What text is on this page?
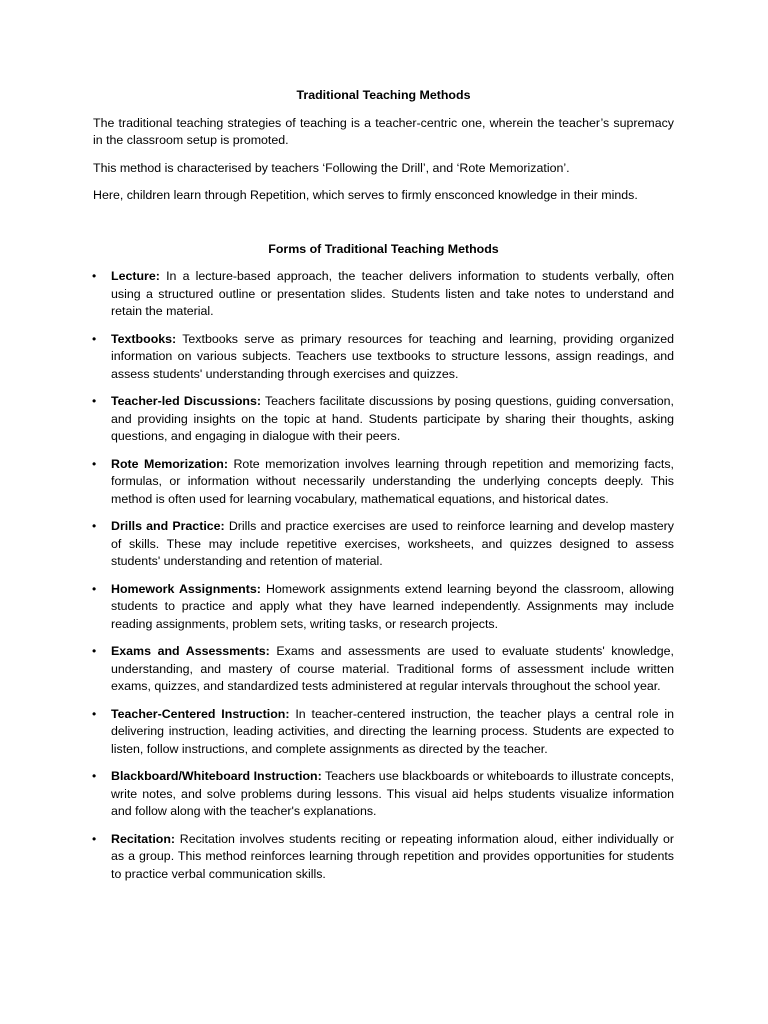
Traditional Teaching Methods

The traditional teaching strategies of teaching is a teacher-centric one, wherein the teacher’s supremacy in the classroom setup is promoted.

This method is characterised by teachers ‘Following the Drill’, and ‘Rote Memorization’.

Here, children learn through Repetition, which serves to firmly ensconced knowledge in their minds.

Forms of Traditional Teaching Methods
• Lecture: In a lecture-based approach, the teacher delivers information to students verbally, often using a structured outline or presentation slides. Students listen and take notes to understand and retain the material.
• Textbooks: Textbooks serve as primary resources for teaching and learning, providing organized information on various subjects. Teachers use textbooks to structure lessons, assign readings, and assess students' understanding through exercises and quizzes.
• Teacher-led Discussions: Teachers facilitate discussions by posing questions, guiding conversation, and providing insights on the topic at hand. Students participate by sharing their thoughts, asking questions, and engaging in dialogue with their peers.
• Rote Memorization: Rote memorization involves learning through repetition and memorizing facts, formulas, or information without necessarily understanding the underlying concepts deeply. This method is often used for learning vocabulary, mathematical equations, and historical dates.
• Drills and Practice: Drills and practice exercises are used to reinforce learning and develop mastery of skills. These may include repetitive exercises, worksheets, and quizzes designed to assess students' understanding and retention of material.
• Homework Assignments: Homework assignments extend learning beyond the classroom, allowing students to practice and apply what they have learned independently. Assignments may include reading assignments, problem sets, writing tasks, or research projects.
• Exams and Assessments: Exams and assessments are used to evaluate students' knowledge, understanding, and mastery of course material. Traditional forms of assessment include written exams, quizzes, and standardized tests administered at regular intervals throughout the school year.
• Teacher-Centered Instruction: In teacher-centered instruction, the teacher plays a central role in delivering instruction, leading activities, and directing the learning process. Students are expected to listen, follow instructions, and complete assignments as directed by the teacher.
• Blackboard/Whiteboard Instruction: Teachers use blackboards or whiteboards to illustrate concepts, write notes, and solve problems during lessons. This visual aid helps students visualize information and follow along with the teacher's explanations.
• Recitation: Recitation involves students reciting or repeating information aloud, either individually or as a group. This method reinforces learning through repetition and provides opportunities for students to practice verbal communication skills.
